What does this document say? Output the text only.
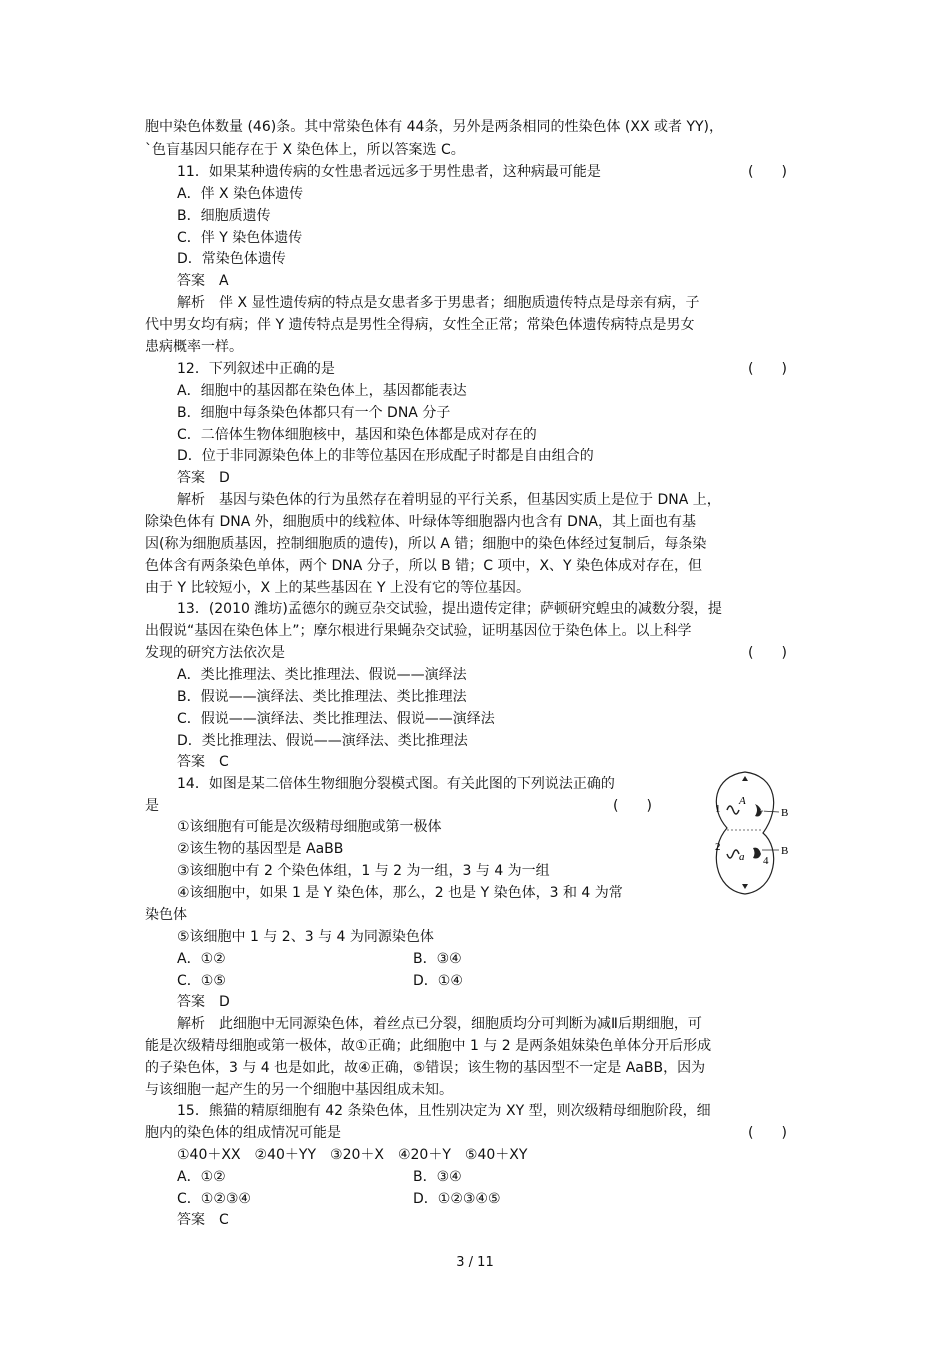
胞中染色体数量 (46)条。其中常染色体有 44条，另外是两条相同的性染色体 (XX 或者 YY)，
`色盲基因只能存在于 X 染色体上，所以答案选 C。
11．如果某种遗传病的女性患者远远多于男性患者，这种病最可能是	(　　)
A．伴 X 染色体遗传
B．细胞质遗传
C．伴 Y 染色体遗传
D．常染色体遗传
答案　A
解析　伴 X 显性遗传病的特点是女患者多于男患者；细胞质遗传特点是母亲有病，子
代中男女均有病；伴 Y 遗传特点是男性全得病，女性全正常；常染色体遗传病特点是男女
患病概率一样。
12．下列叙述中正确的是	(　　)
A．细胞中的基因都在染色体上，基因都能表达
B．细胞中每条染色体都只有一个 DNA 分子
C．二倍体生物体细胞核中，基因和染色体都是成对存在的
D．位于非同源染色体上的非等位基因在形成配子时都是自由组合的
答案　D
解析　基因与染色体的行为虽然存在着明显的平行关系，但基因实质上是位于 DNA 上，
除染色体有 DNA 外，细胞质中的线粒体、叶绿体等细胞器内也含有 DNA，其上面也有基
因(称为细胞质基因，控制细胞质的遗传)，所以 A 错；细胞中的染色体经过复制后，每条染
色体含有两条染色单体，两个 DNA 分子，所以 B 错；C 项中，X、Y 染色体成对存在，但
由于 Y 比较短小，X 上的某些基因在 Y 上没有它的等位基因。
13．(2010 潍坊)孟德尔的豌豆杂交试验，提出遗传定律；萨顿研究蝗虫的减数分裂，提
出假说“基因在染色体上”；摩尔根进行果蝇杂交试验，证明基因位于染色体上。以上科学
发现的研究方法依次是	(　　)
A．类比推理法、类比推理法、假说——演绎法
B．假说——演绎法、类比推理法、类比推理法
C．假说——演绎法、类比推理法、假说——演绎法
D．类比推理法、假说——演绎法、类比推理法
答案　C
14．如图是某二倍体生物细胞分裂模式图。有关此图的下列说法正确的
是	(　　)
①该细胞有可能是次级精母细胞或第一极体
②该生物的基因型是 AaBB
③该细胞中有 2 个染色体组，1 与 2 为一组，3 与 4 为一组
④该细胞中，如果 1 是 Y 染色体，那么，2 也是 Y 染色体，3 和 4 为常
染色体
⑤该细胞中 1 与 2、3 与 4 为同源染色体
A．①②	B．③④
C．①⑤	D．①④
答案　D
解析　此细胞中无同源染色体，着丝点已分裂，细胞质均分可判断为减Ⅱ后期细胞，可
能是次级精母细胞或第一极体，故①正确；此细胞中 1 与 2 是两条姐妹染色单体分开后形成
的子染色体，3 与 4 也是如此，故④正确，⑤错误；该生物的基因型不一定是 AaBB，因为
与该细胞一起产生的另一个细胞中基因组成未知。
1
2
A
a
3
4
B
B
15．熊猫的精原细胞有 42 条染色体，且性别决定为 XY 型，则次级精母细胞阶段，细
胞内的染色体的组成情况可能是	(　　)
①40＋XX　②40＋YY　③20＋X　④20＋Y　⑤40＋XY
A．①②	B．③④
C．①②③④	D．①②③④⑤
答案　C
3 / 11
